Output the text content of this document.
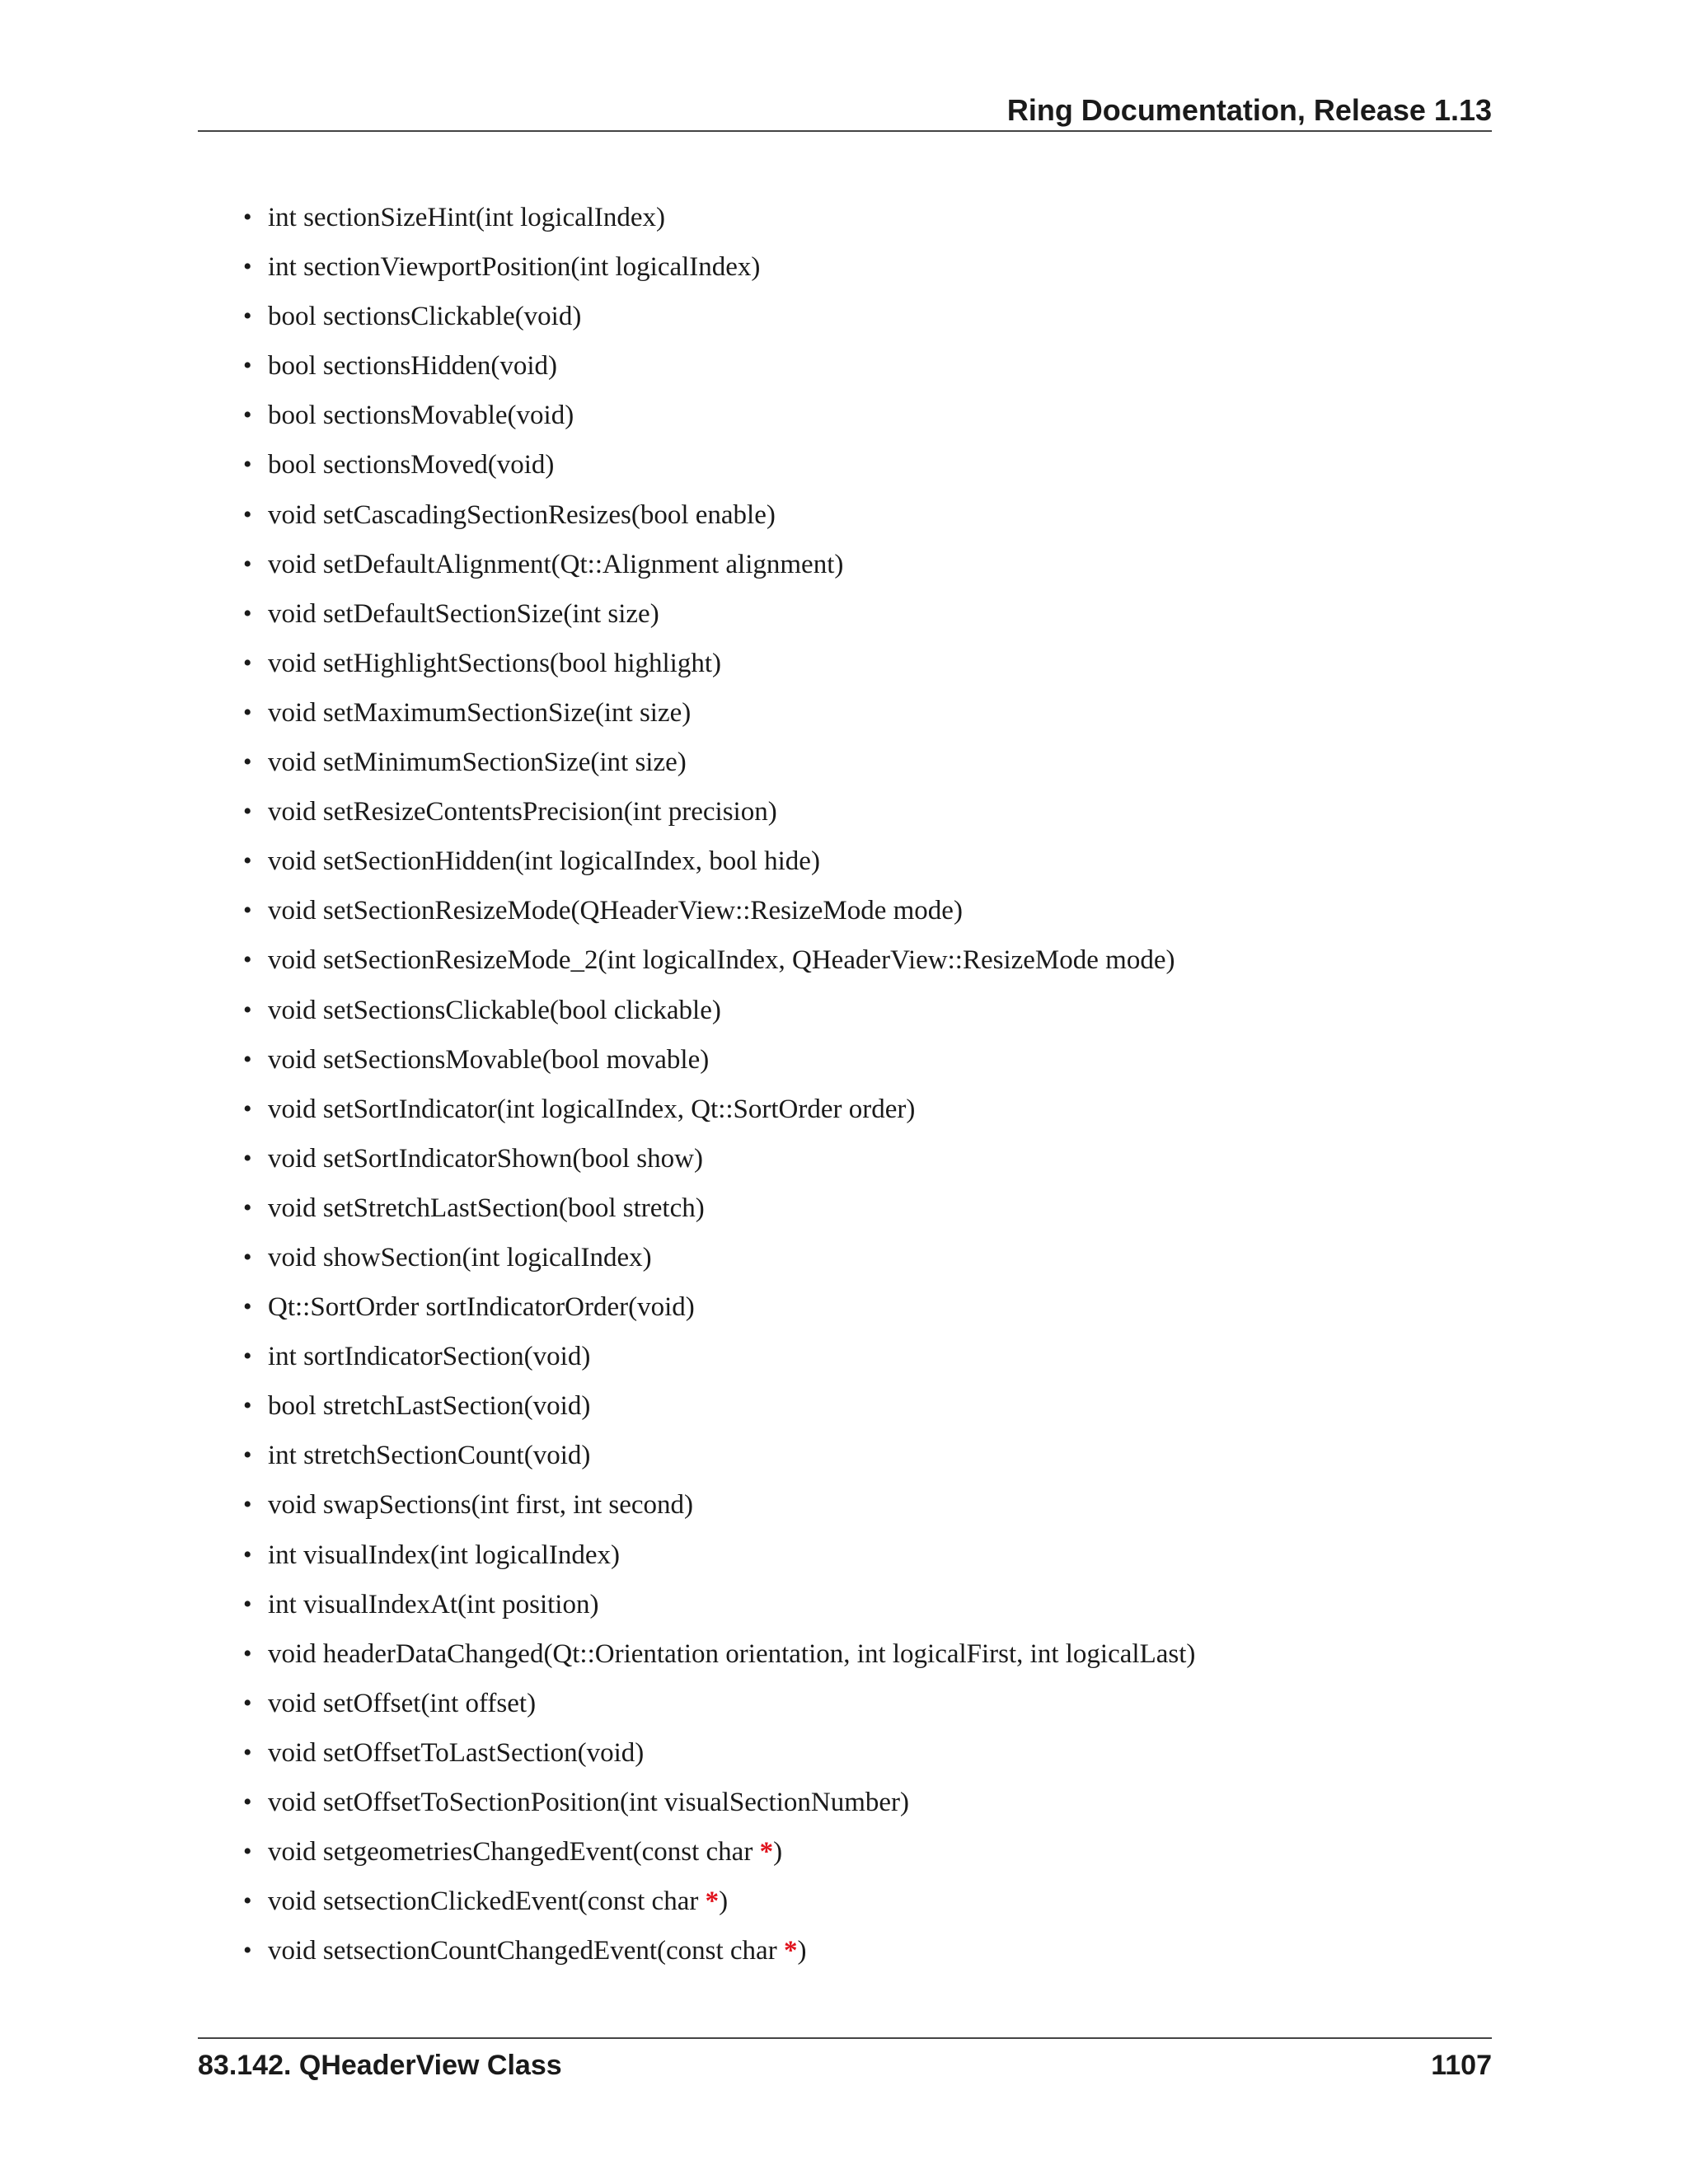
Ring Documentation, Release 1.13
• int sectionSizeHint(int logicalIndex)
• int sectionViewportPosition(int logicalIndex)
• bool sectionsClickable(void)
• bool sectionsHidden(void)
• bool sectionsMovable(void)
• bool sectionsMoved(void)
• void setCascadingSectionResizes(bool enable)
• void setDefaultAlignment(Qt::Alignment alignment)
• void setDefaultSectionSize(int size)
• void setHighlightSections(bool highlight)
• void setMaximumSectionSize(int size)
• void setMinimumSectionSize(int size)
• void setResizeContentsPrecision(int precision)
• void setSectionHidden(int logicalIndex, bool hide)
• void setSectionResizeMode(QHeaderView::ResizeMode mode)
• void setSectionResizeMode_2(int logicalIndex, QHeaderView::ResizeMode mode)
• void setSectionsClickable(bool clickable)
• void setSectionsMovable(bool movable)
• void setSortIndicator(int logicalIndex, Qt::SortOrder order)
• void setSortIndicatorShown(bool show)
• void setStretchLastSection(bool stretch)
• void showSection(int logicalIndex)
• Qt::SortOrder sortIndicatorOrder(void)
• int sortIndicatorSection(void)
• bool stretchLastSection(void)
• int stretchSectionCount(void)
• void swapSections(int first, int second)
• int visualIndex(int logicalIndex)
• int visualIndexAt(int position)
• void headerDataChanged(Qt::Orientation orientation, int logicalFirst, int logicalLast)
• void setOffset(int offset)
• void setOffsetToLastSection(void)
• void setOffsetToSectionPosition(int visualSectionNumber)
• void setgeometriesChangedEvent(const char *)
• void setsectionClickedEvent(const char *)
• void setsectionCountChangedEvent(const char *)
83.142. QHeaderView Class	1107
